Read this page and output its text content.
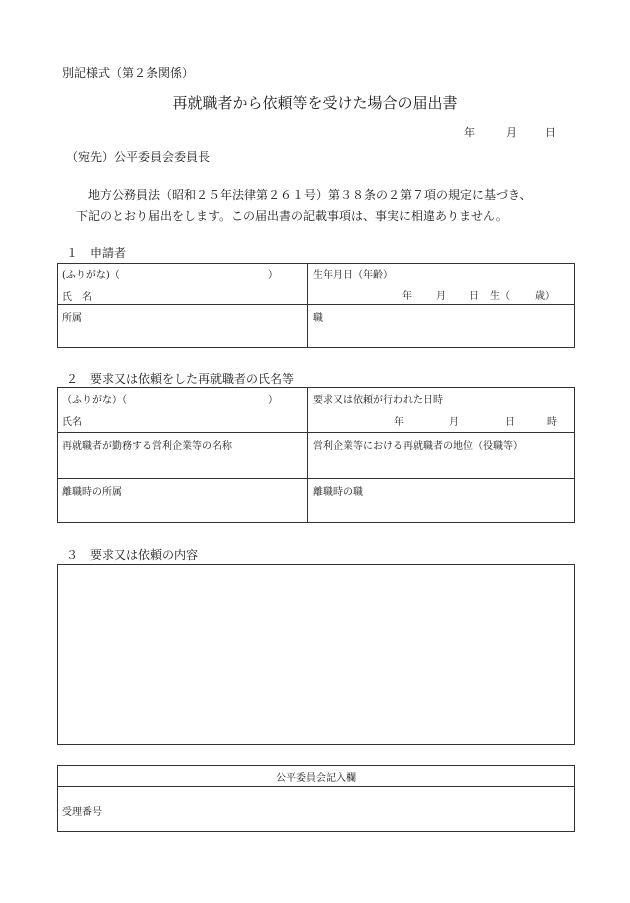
別記様式（第２条関係）
再就職者から依頼等を受けた場合の届出書
年	月	日
（宛先）公平委員会委員長
地方公務員法（昭和２５年法律第２６１号）第３８条の２第７項の規定に基づき、
下記のとおり届出をします。この届出書の記載事項は、事実に相違ありません。
１　申請者
(ふりがな)（	）
氏　名
生年月日（年齢）
年 月 日 生（	歳）
所属	職
２　要求又は依頼をした再就職者の氏名等
（ふりがな）（	）
氏名
要求又は依頼が行われた日時
年	月	日	時
再就職者が勤務する営利企業等の名称	営利企業等における再就職者の地位（役職等）
離職時の所属	離職時の職
３　要求又は依頼の内容
公平委員会記入欄
受理番号
